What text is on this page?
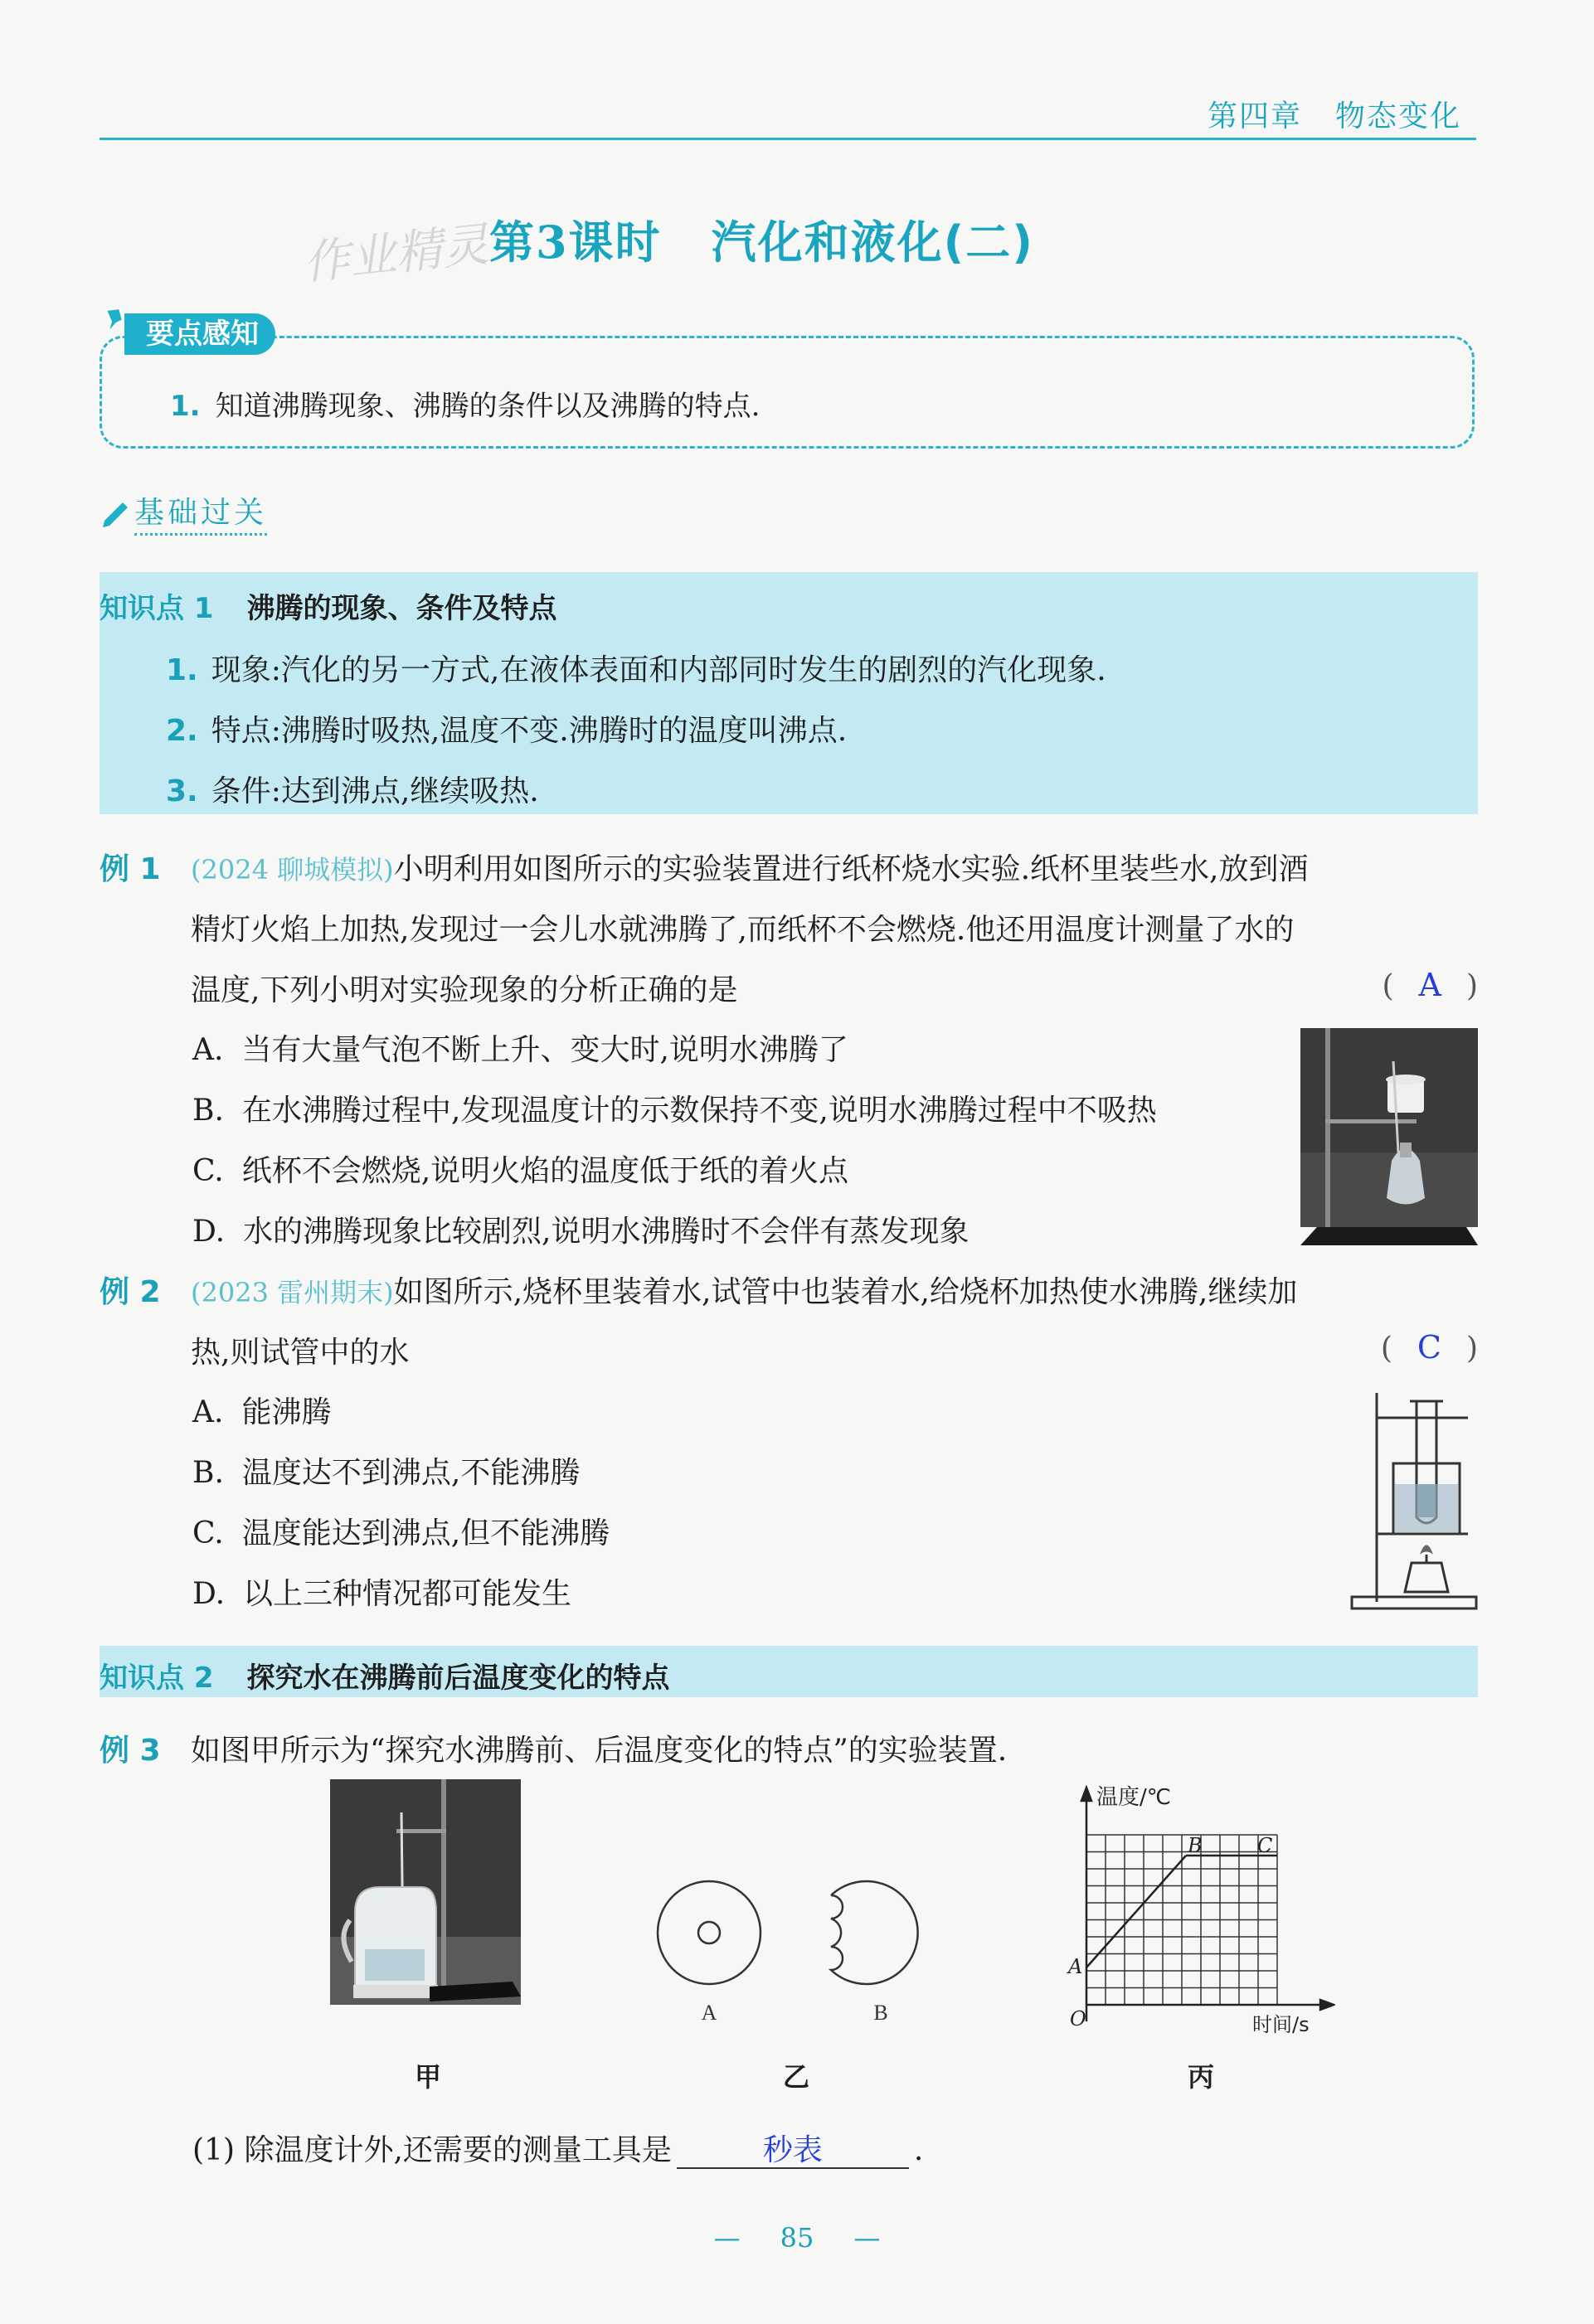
第四章 物态变化
作业精灵
第3课时 汽化和液化(二)
要点感知
1. 知道沸腾现象、沸腾的条件以及沸腾的特点.
基础过关
知识点 1 沸腾的现象、条件及特点
1. 现象:汽化的另一方式,在液体表面和内部同时发生的剧烈的汽化现象.
2. 特点:沸腾时吸热,温度不变.沸腾时的温度叫沸点.
3. 条件:达到沸点,继续吸热.
例 1 (2024 聊城模拟)小明利用如图所示的实验装置进行纸杯烧水实验.纸杯里装些水,放到酒
精灯火焰上加热,发现过一会儿水就沸腾了,而纸杯不会燃烧.他还用温度计测量了水的
温度,下列小明对实验现象的分析正确的是	( A )
A. 当有大量气泡不断上升、变大时,说明水沸腾了
B. 在水沸腾过程中,发现温度计的示数保持不变,说明水沸腾过程中不吸热
C. 纸杯不会燃烧,说明火焰的温度低于纸的着火点
D. 水的沸腾现象比较剧烈,说明水沸腾时不会伴有蒸发现象
例 2 (2023 雷州期末)如图所示,烧杯里装着水,试管中也装着水,给烧杯加热使水沸腾,继续加
热,则试管中的水	( C )
A. 能沸腾
B. 温度达不到沸点,不能沸腾
C. 温度能达到沸点,但不能沸腾
D. 以上三种情况都可能发生
知识点 2 探究水在沸腾前后温度变化的特点
例 3 如图甲所示为“探究水沸腾前、后温度变化的特点”的实验装置.
甲
A	B
乙
温度/℃
时间/s
O
A
B	C
丙
(1) 除温度计外,还需要的测量工具是	秒表	.
— 85 —
